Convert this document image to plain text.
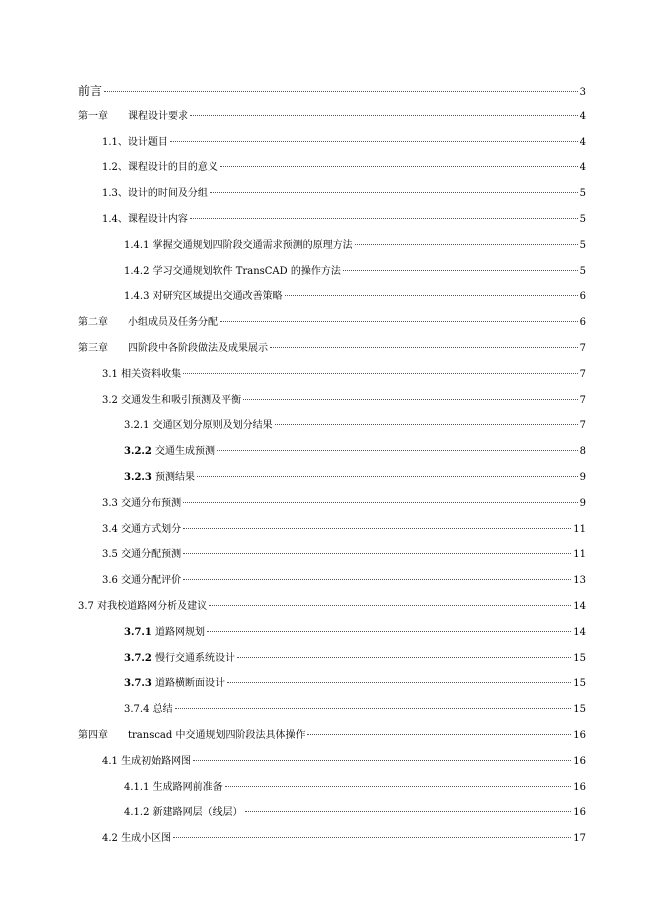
前言	3
第一章　　课程设计要求	4
1.1、设计题目	4
1.2、课程设计的目的意义	4
1.3、设计的时间及分组	5
1.4、课程设计内容	5
1.4.1 掌握交通规划四阶段交通需求预测的原理方法	5
1.4.2 学习交通规划软件 TransCAD 的操作方法	5
1.4.3 对研究区域提出交通改善策略	6
第二章　　小组成员及任务分配	6
第三章　　四阶段中各阶段做法及成果展示	7
3.1 相关资料收集	7
3.2 交通发生和吸引预测及平衡	7
3.2.1 交通区划分原则及划分结果	7
3.2.2 交通生成预测	8
3.2.3 预测结果	9
3.3 交通分布预测	9
3.4 交通方式划分	11
3.5 交通分配预测	11
3.6 交通分配评价	13
3.7 对我校道路网分析及建议	14
3.7.1 道路网规划	14
3.7.2 慢行交通系统设计	15
3.7.3 道路横断面设计	15
3.7.4 总结	15
第四章　　transcad 中交通规划四阶段法具体操作	16
4.1 生成初始路网图	16
4.1.1 生成路网前准备	16
4.1.2 新建路网层（线层）	16
4.2 生成小区图	17
